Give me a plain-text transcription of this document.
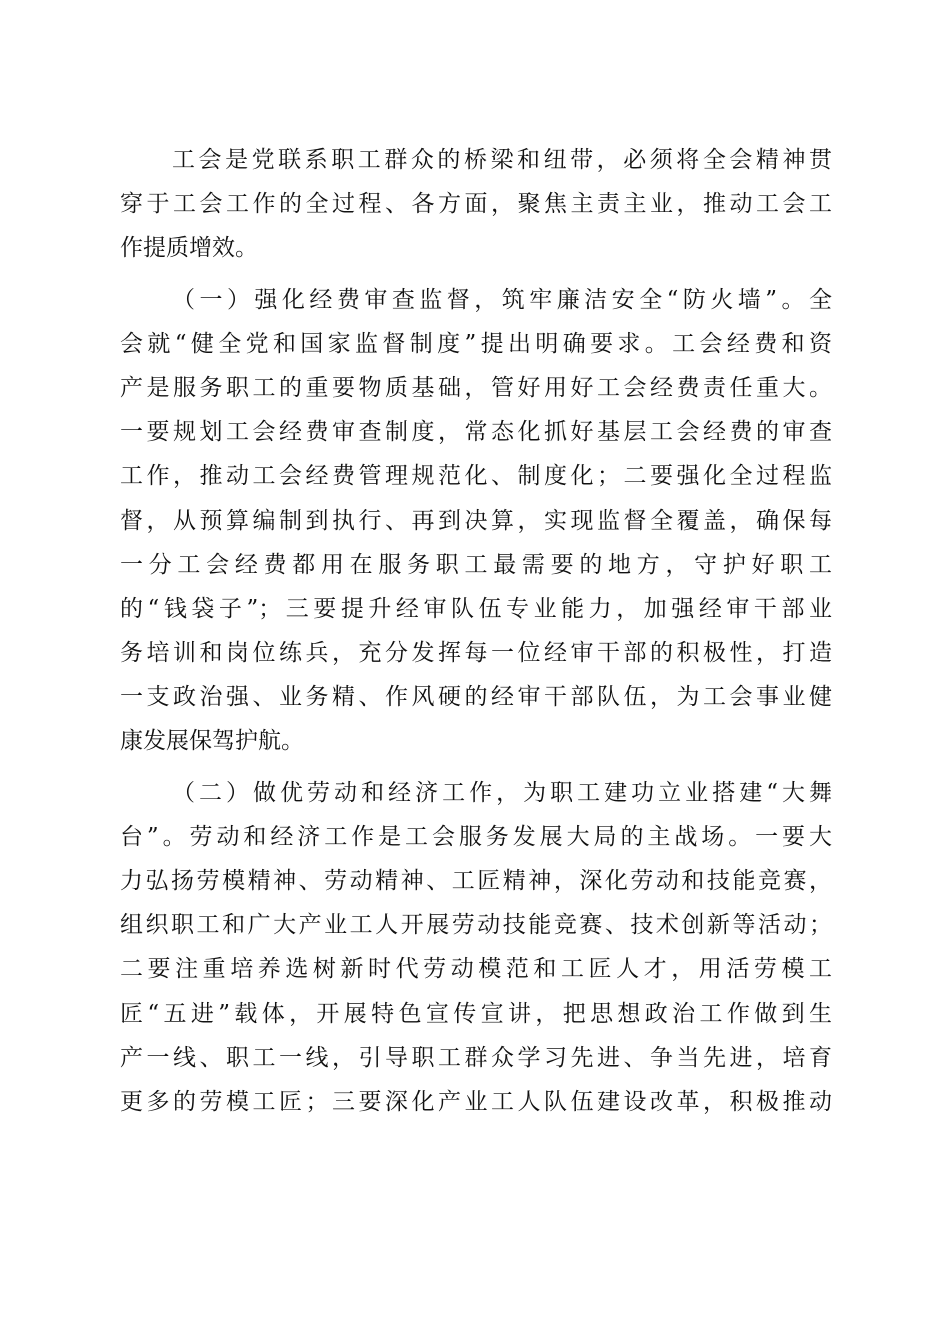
工会是党联系职工群众的桥梁和纽带，必须将全会精神贯
穿于工会工作的全过程、各方面，聚焦主责主业，推动工会工
作提质增效。
（一）强化经费审查监督，筑牢廉洁安全“防火墙”。全
会就“健全党和国家监督制度”提出明确要求。工会经费和资
产是服务职工的重要物质基础，管好用好工会经费责任重大。
一要规划工会经费审查制度，常态化抓好基层工会经费的审查
工作，推动工会经费管理规范化、制度化；二要强化全过程监
督，从预算编制到执行、再到决算，实现监督全覆盖，确保每
一分工会经费都用在服务职工最需要的地方，守护好职工
的“钱袋子”；三要提升经审队伍专业能力，加强经审干部业
务培训和岗位练兵，充分发挥每一位经审干部的积极性，打造
一支政治强、业务精、作风硬的经审干部队伍，为工会事业健
康发展保驾护航。
（二）做优劳动和经济工作，为职工建功立业搭建“大舞
台”。劳动和经济工作是工会服务发展大局的主战场。一要大
力弘扬劳模精神、劳动精神、工匠精神，深化劳动和技能竞赛，
组织职工和广大产业工人开展劳动技能竞赛、技术创新等活动；
二要注重培养选树新时代劳动模范和工匠人才，用活劳模工
匠“五进”载体，开展特色宣传宣讲，把思想政治工作做到生
产一线、职工一线，引导职工群众学习先进、争当先进，培育
更多的劳模工匠；三要深化产业工人队伍建设改革，积极推动
